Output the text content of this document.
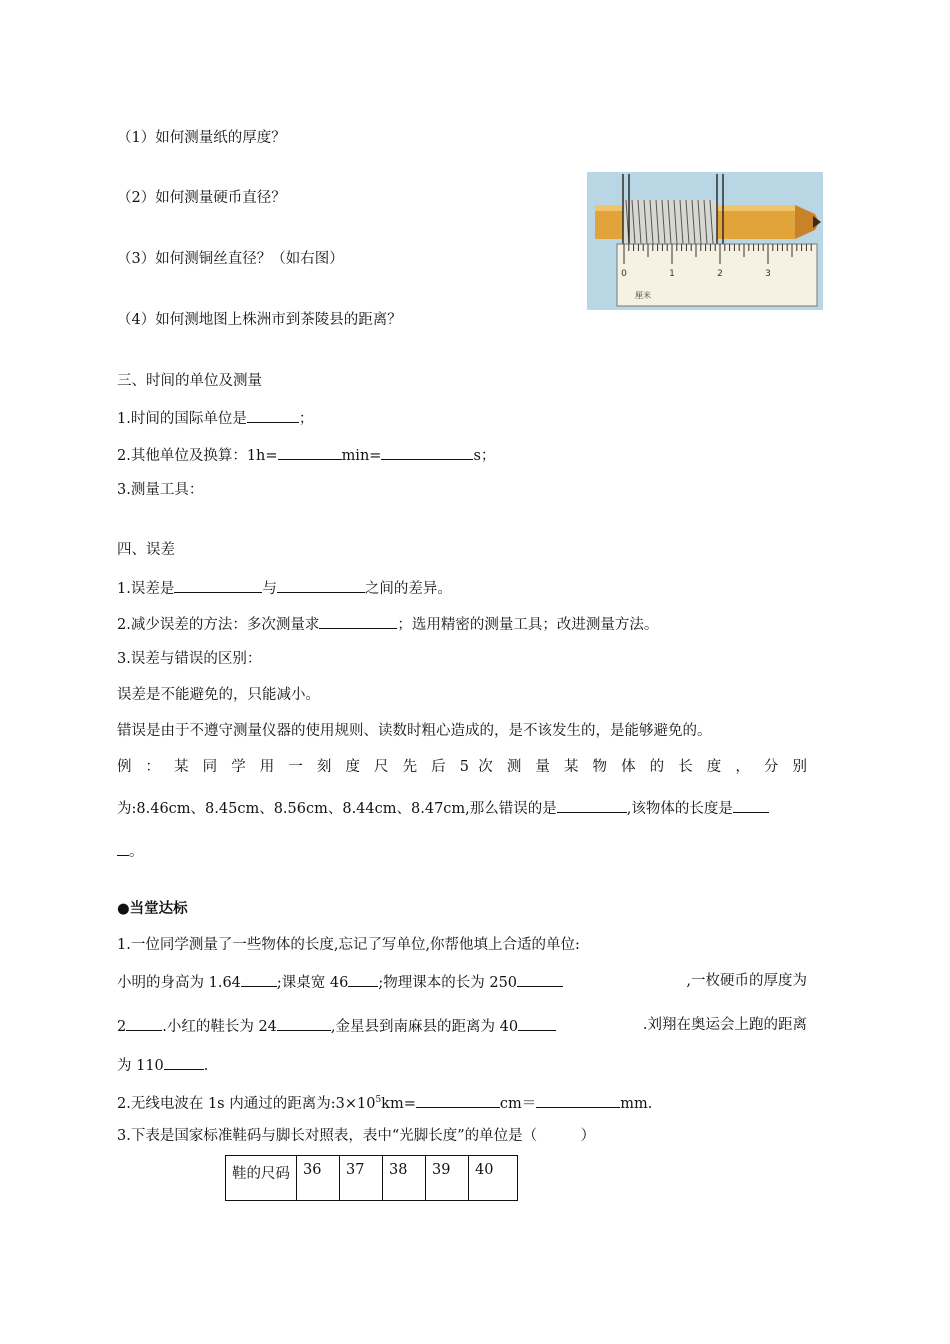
（1）如何测量纸的厚度？
（2）如何测量硬币直径？
（3）如何测铜丝直径？（如右图）
（4）如何测地图上株洲市到茶陵县的距离？
0	1	2	3
厘米
三、时间的单位及测量
1.时间的国际单位是	；
2.其他单位及换算：1h=	min=	s；
3.测量工具：
四、误差
1.误差是	与	之间的差异。
2.减少误差的方法：多次测量求	；选用精密的测量工具；改进测量方法。
3.误差与错误的区别：
误差是不能避免的，只能减小。
错误是由于不遵守测量仪器的使用规则、读数时粗心造成的，是不该发生的，是能够避免的。
例 ： 某 同 学 用 一 刻 度 尺 先 后 5 次 测 量 某 物 体 的 长 度 ， 分 别
为:8.46cm、8.45cm、8.56cm、8.44cm、8.47cm,那么错误的是	,该物体的长度是
。
●当堂达标
1.一位同学测量了一些物体的长度,忘记了写单位,你帮他填上合适的单位:
小明的身高为 1.64 ;课桌宽 46 ;物理课本的长为 250	,一枚硬币的厚度为
2 .小红的鞋长为 24	,金星县到南麻县的距离为 40	.刘翔在奥运会上跑的距离
为 110	.
2.无线电波在 1s 内通过的距离为$:3\times 10^5km=$	cm＝	mm.
3.下表是国家标准鞋码与脚长对照表，表中“光脚长度”的单位是（　　　）
鞋的尺码	36	37	38	39	40
